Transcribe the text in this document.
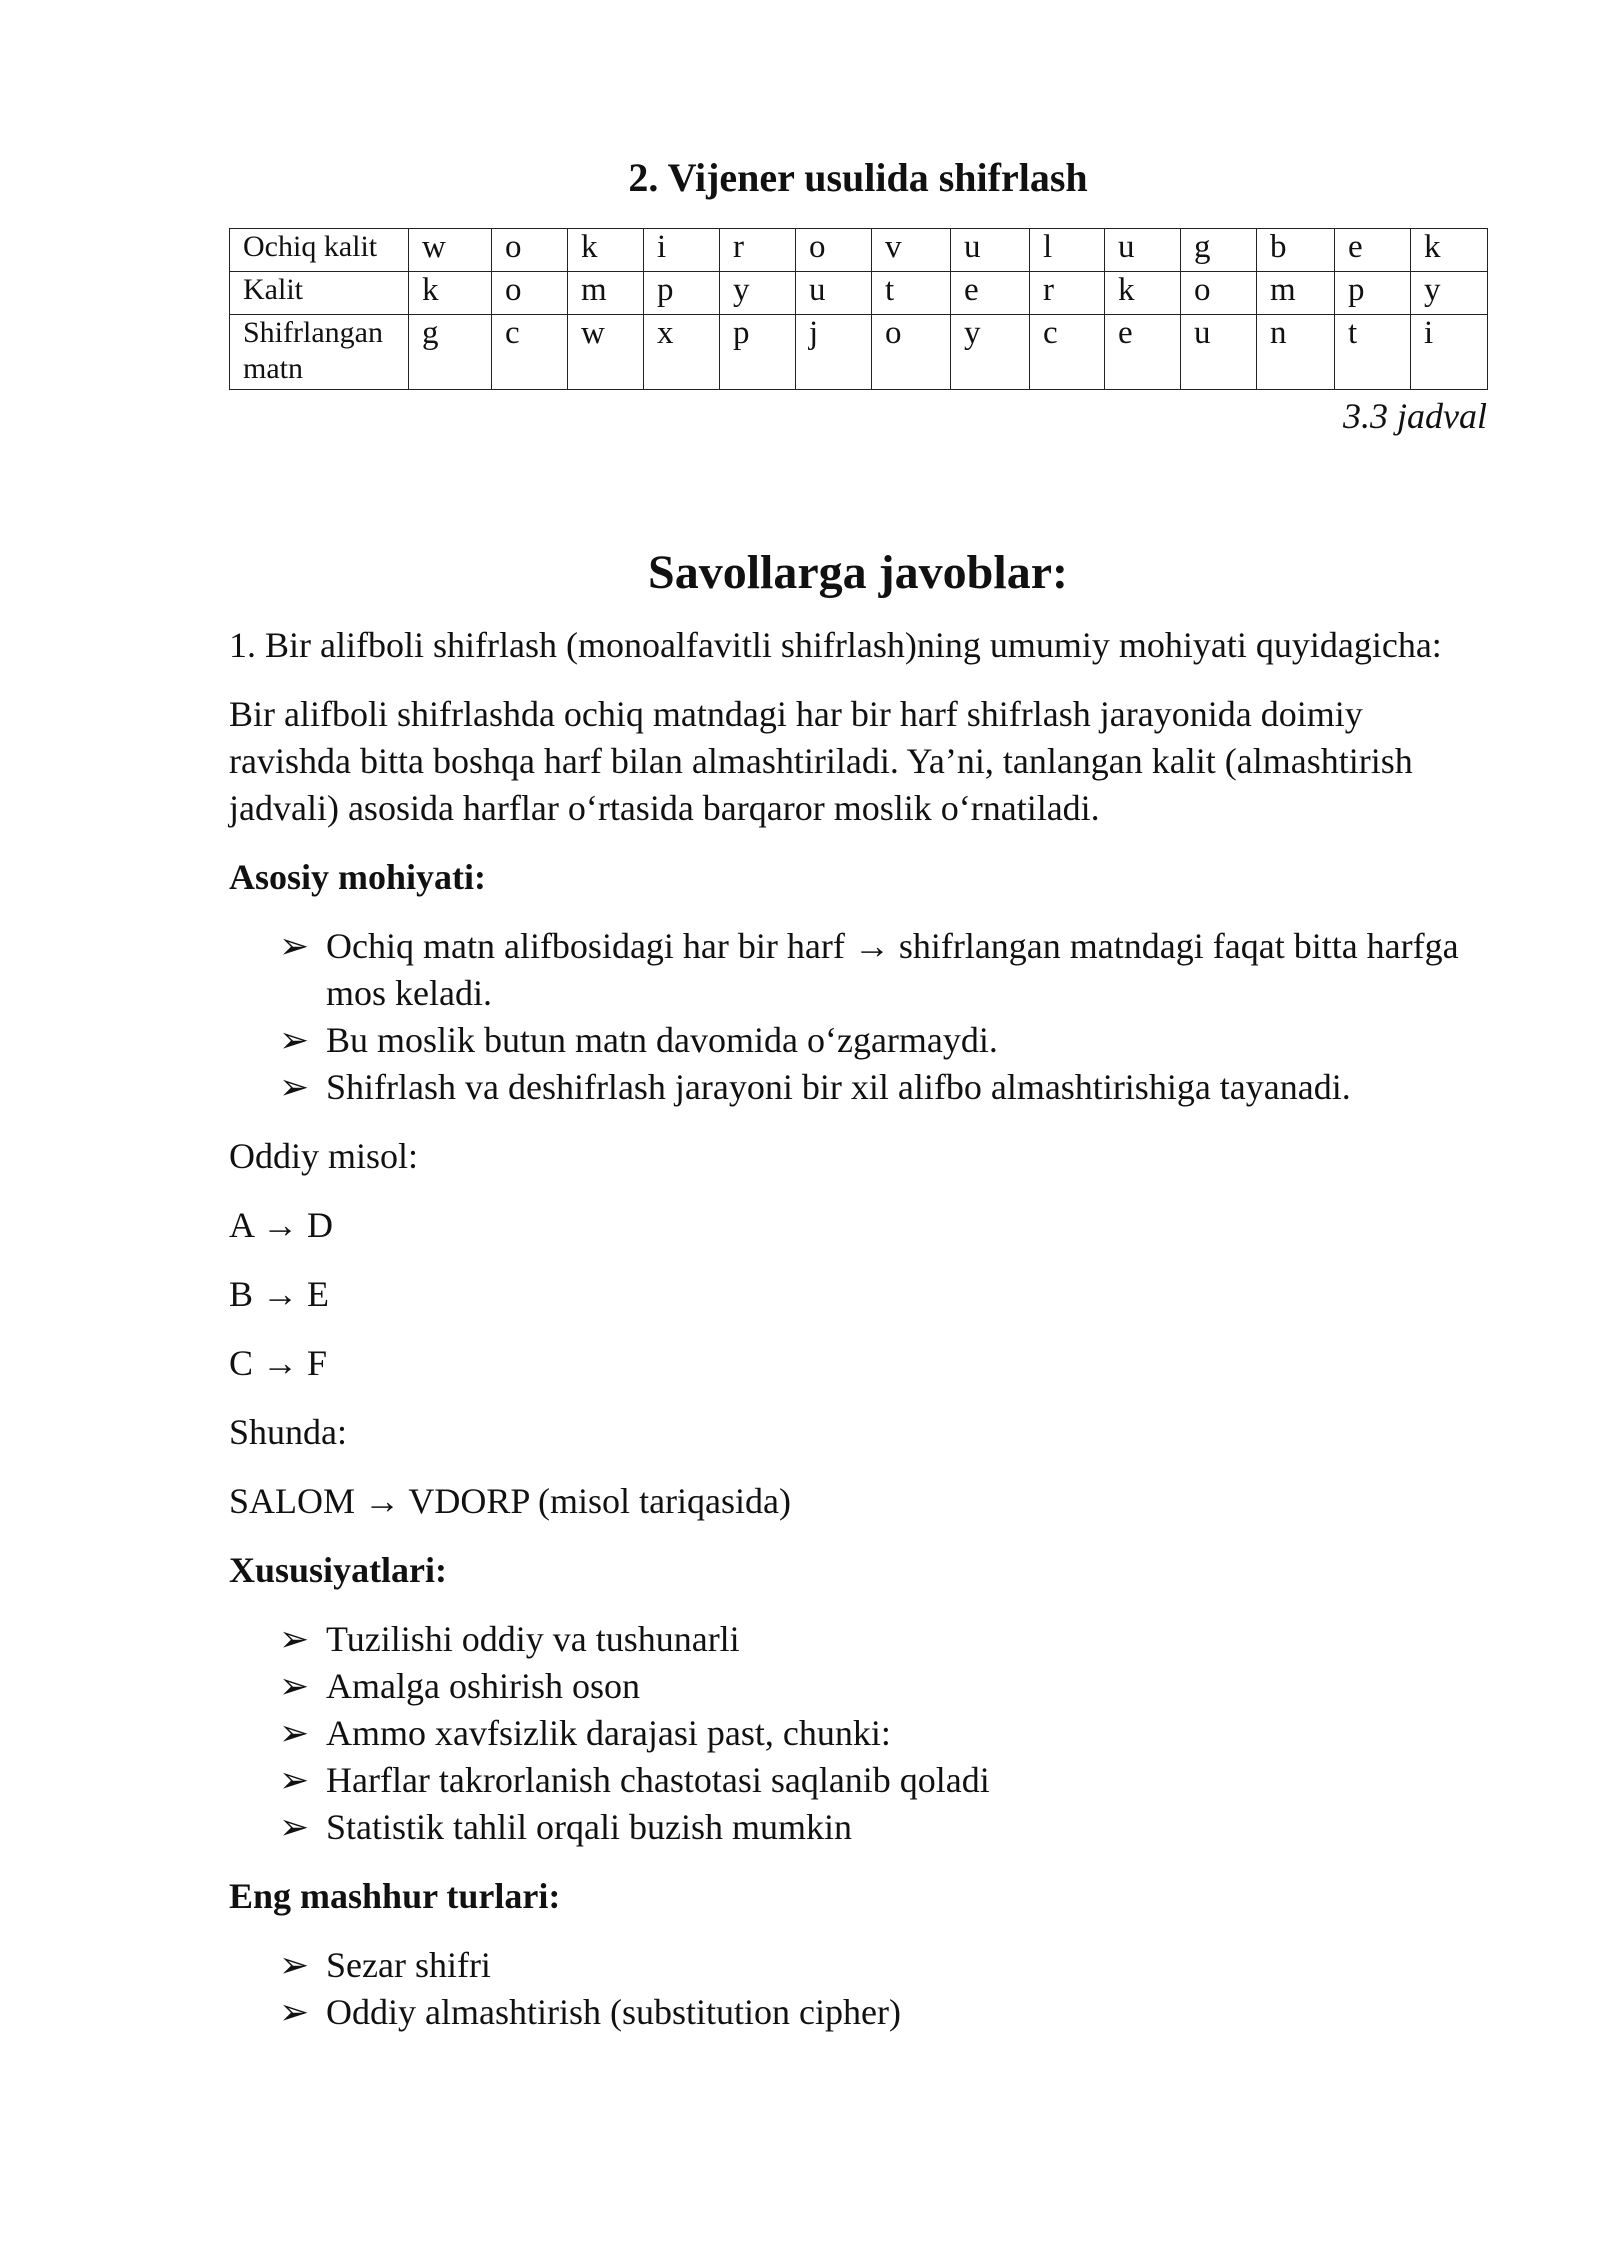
2. Vijener usulida shifrlash
Ochiq kalit	w	o	k	i	r	o	v	u	l	u	g	b	e	k
Kalit	k	o	m	p	y	u	t	e	r	k	o	m	p	y
Shifrlangan matn	g	c	w	x	p	j	o	y	c	e	u	n	t	i
3.3 jadval
Savollarga javoblar:

1. Bir alifboli shifrlash (monoalfavitli shifrlash)ning umumiy mohiyati quyidagicha:

Bir alifboli shifrlashda ochiq matndagi har bir harf shifrlash jarayonida doimiy ravishda bitta boshqa harf bilan almashtiriladi. Ya’ni, tanlangan kalit (almashtirish jadvali) asosida harflar o‘rtasida barqaror moslik o‘rnatiladi.

Asosiy mohiyati:
➢ Ochiq matn alifbosidagi har bir harf → shifrlangan matndagi faqat bitta harfga mos keladi.
➢ Bu moslik butun matn davomida o‘zgarmaydi.
➢ Shifrlash va deshifrlash jarayoni bir xil alifbo almashtirishiga tayanadi.

Oddiy misol:

A → D

B → E

C → F

Shunda:

SALOM → VDORP (misol tariqasida)

Xususiyatlari:
➢ Tuzilishi oddiy va tushunarli
➢ Amalga oshirish oson
➢ Ammo xavfsizlik darajasi past, chunki:
➢ Harflar takrorlanish chastotasi saqlanib qoladi
➢ Statistik tahlil orqali buzish mumkin
Eng mashhur turlari:
➢ Sezar shifri
➢ Oddiy almashtirish (substitution cipher)
